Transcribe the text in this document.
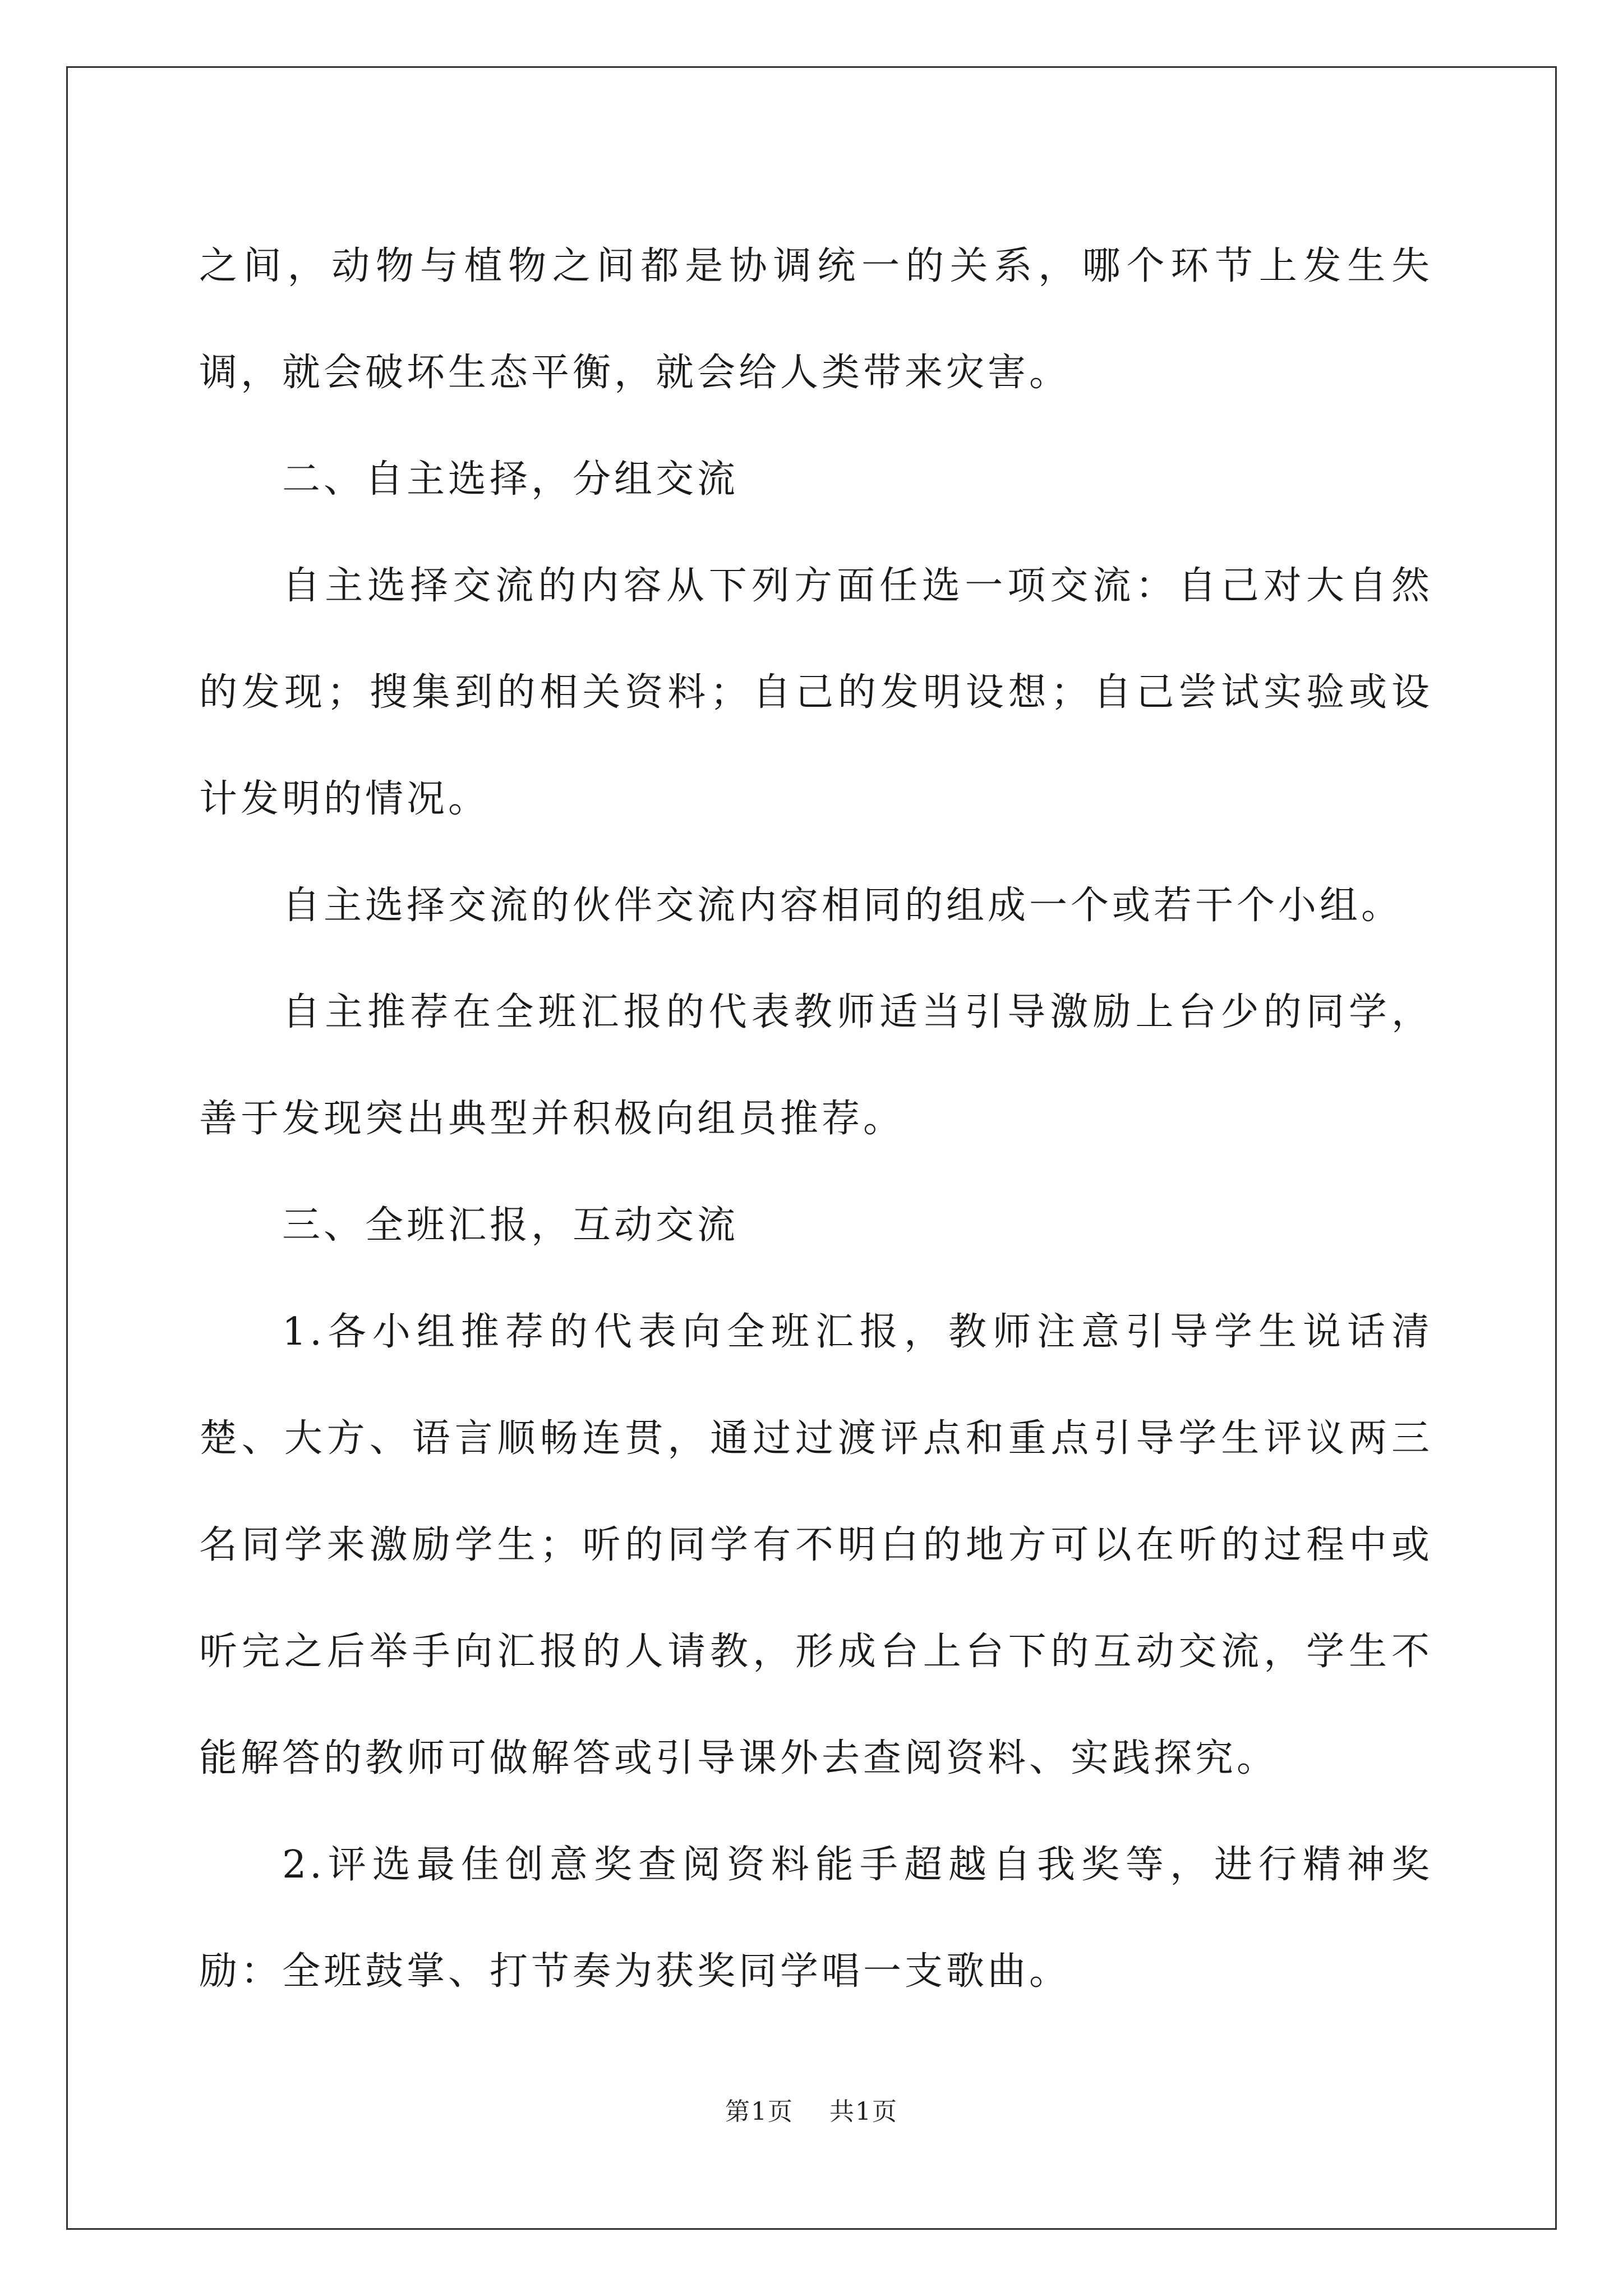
之间，动物与植物之间都是协调统一的关系，哪个环节上发生失调，就会破坏生态平衡，就会给人类带来灾害。

二、自主选择，分组交流

自主选择交流的内容从下列方面任选一项交流：自己对大自然的发现；搜集到的相关资料；自己的发明设想；自己尝试实验或设计发明的情况。

自主选择交流的伙伴交流内容相同的组成一个或若干个小组。

自主推荐在全班汇报的代表教师适当引导激励上台少的同学，善于发现突出典型并积极向组员推荐。

三、全班汇报，互动交流

1.各小组推荐的代表向全班汇报，教师注意引导学生说话清楚、大方、语言顺畅连贯，通过过渡评点和重点引导学生评议两三名同学来激励学生；听的同学有不明白的地方可以在听的过程中或听完之后举手向汇报的人请教，形成台上台下的互动交流，学生不能解答的教师可做解答或引导课外去查阅资料、实践探究。

2.评选最佳创意奖查阅资料能手超越自我奖等，进行精神奖励：全班鼓掌、打节奏为获奖同学唱一支歌曲。

第1页 共1页
